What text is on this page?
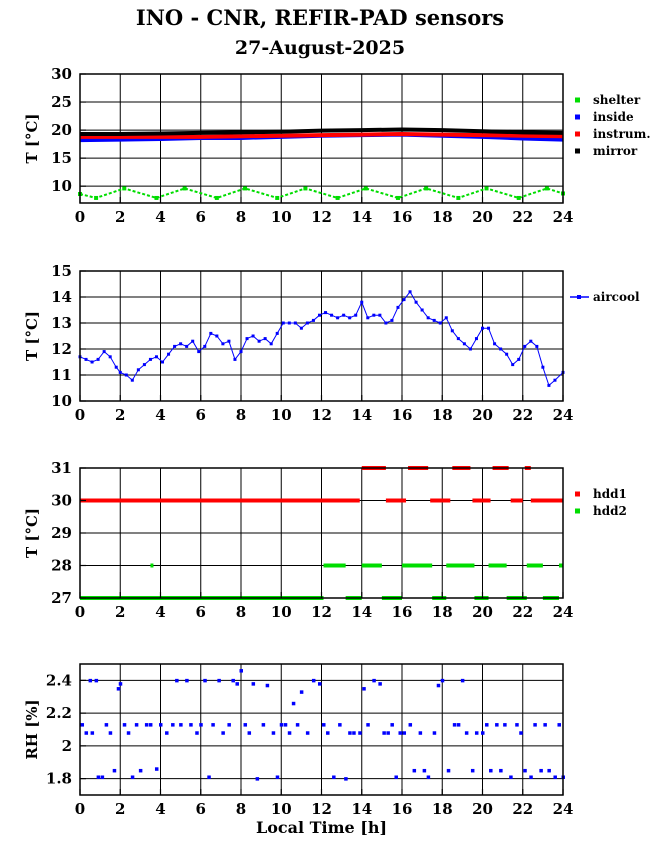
INO - CNR, REFIR-PAD sensors
27-August-2025
0 2 4 6 8 10 12 14 16 18 20 22 24
10
15
20
25
30
T [°C]
shelter
inside
instrum.
mirror
0 2 4 6 8 10 12 14 16 18 20 22 24
10
11
12
13
14
15
T [°C]
aircool
0 2 4 6 8 10 12 14 16 18 20 22 24
27
28
29
30
31
T [°C]
hdd1
hdd2
0 2 4 6 8 10 12 14 16 18 20 22 24
1.8
2
2.2
2.4
RH [%]
Local Time [h]
